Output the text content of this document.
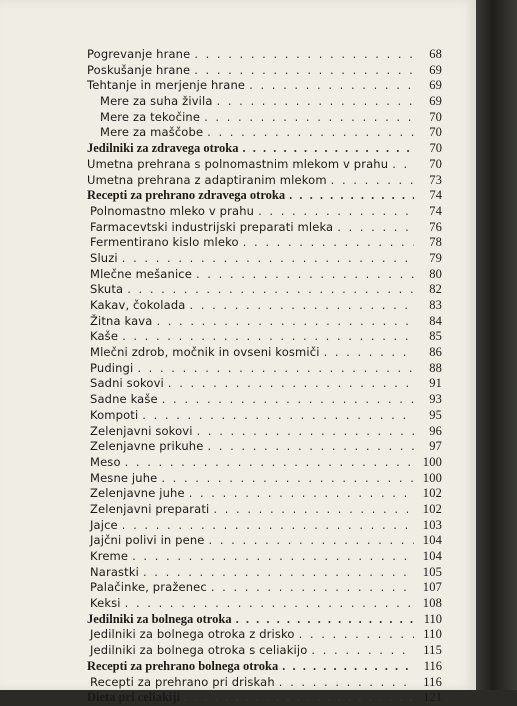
Pogrevanje hrane . . .	68
Poskušanje hrane . . .	69
Tehtanje in merjenje hrane . . .	69
Mere za suha živila . . .	69
Mere za tekočine . . .	70
Mere za maščobe . . .	70
Jedilniki za zdravega otroka . . .	70
Umetna prehrana s polnomastnim mlekom v prahu . . .	70
Umetna prehrana z adaptiranim mlekom . . .	73
Recepti za prehrano zdravega otroka . . .	74
Polnomastno mleko v prahu . . .	74
Farmacevtski industrijski preparati mleka . . .	76
Fermentirano kislo mleko . . .	78
Sluzi . . .	79
Mlečne mešanice . . .	80
Skuta . . .	82
Kakav, čokolada . . .	83
Žitna kava . . .	84
Kaše . . .	85
Mlečni zdrob, močnik in ovseni kosmiči . . .	86
Pudingi . . .	88
Sadni sokovi . . .	91
Sadne kaše . . .	93
Kompoti . . .	95
Zelenjavni sokovi . . .	96
Zelenjavne prikuhe . . .	97
Meso . . .	100
Mesne juhe . . .	100
Zelenjavne juhe . . .	102
Zelenjavni preparati . . .	102
Jajce . . .	103
Jajčni polivi in pene . . .	104
Kreme . . .	104
Narastki . . .	105
Palačinke, praženec . . .	107
Keksi . . .	108
Jedilniki za bolnega otroka . . .	110
Jedilniki za bolnega otroka z drisko . . .	110
Jedilniki za bolnega otroka s celiakijo . . .	115
Recepti za prehrano bolnega otroka . . .	116
Recepti za prehrano pri driskah . . .	116
Dieta pri celiakiji . . .	121
